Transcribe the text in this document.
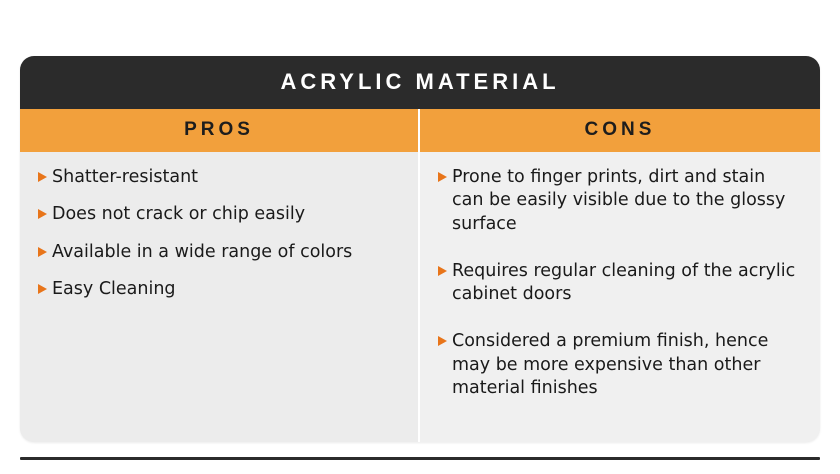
ACRYLIC MATERIAL
PROS	CONS
Shatter-resistant
Does not crack or chip easily
Available in a wide range of colors
Easy Cleaning
Prone to finger prints, dirt and stain can be easily visible due to the glossy surface
Requires regular cleaning of the acrylic cabinet doors
Considered a premium finish, hence may be more expensive than other material finishes
